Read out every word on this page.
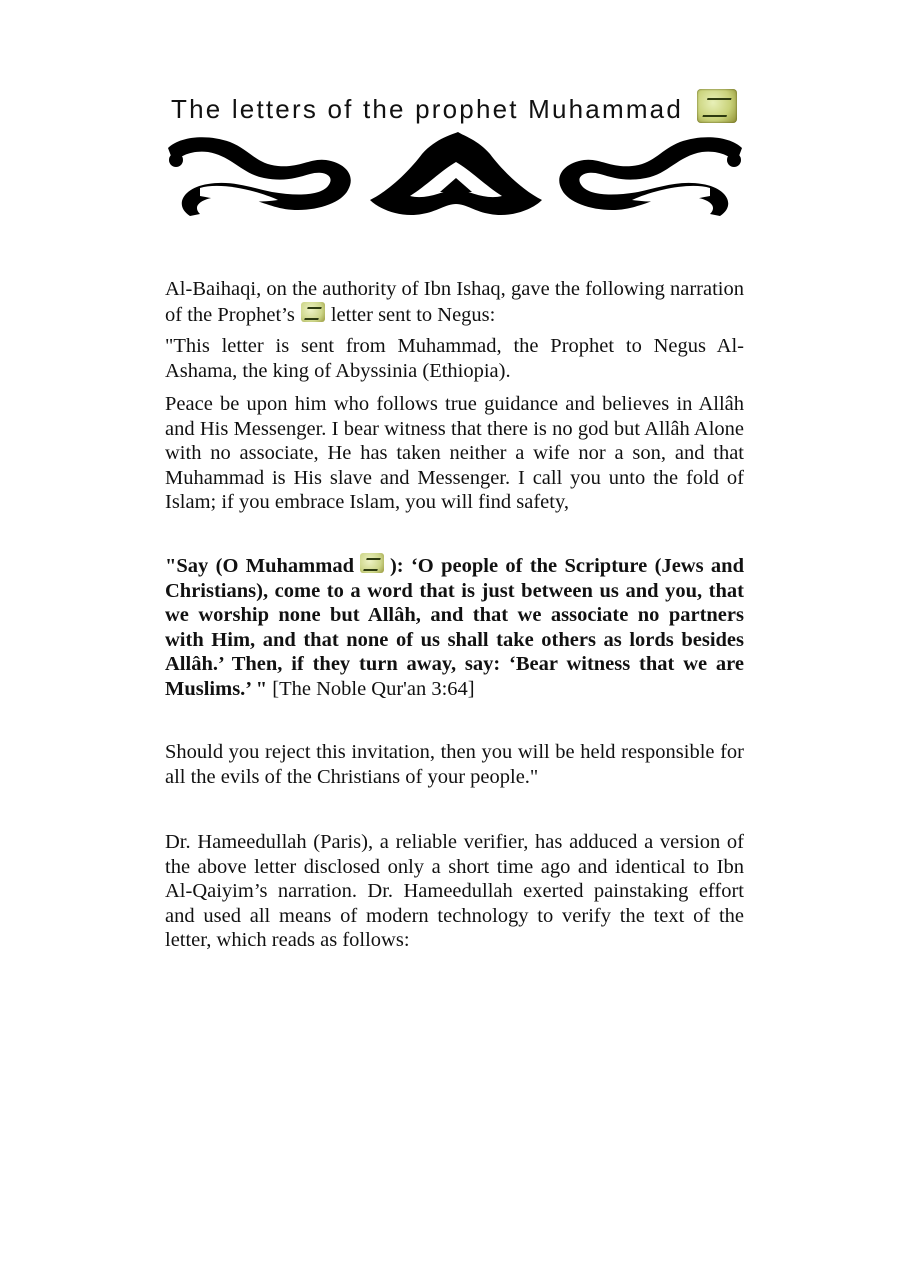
The letters of the prophet Muhammad

Al-Baihaqi, on the authority of Ibn Ishaq, gave the following narration of the Prophet’s letter sent to Negus:

"This letter is sent from Muhammad, the Prophet to Negus Al-Ashama, the king of Abyssinia (Ethiopia).

Peace be upon him who follows true guidance and believes in Allâh and His Messenger. I bear witness that there is no god but Allâh Alone with no associate, He has taken neither a wife nor a son, and that Muhammad is His slave and Messenger. I call you unto the fold of Islam; if you embrace Islam, you will find safety,

"Say (O Muhammad ): ‘O people of the Scripture (Jews and Christians), come to a word that is just between us and you, that we worship none but Allâh, and that we associate no partners with Him, and that none of us shall take others as lords besides Allâh.’ Then, if they turn away, say: ‘Bear witness that we are Muslims.’ " [The Noble Qur'an 3:64]

Should you reject this invitation, then you will be held responsible for all the evils of the Christians of your people."

Dr. Hameedullah (Paris), a reliable verifier, has adduced a version of the above letter disclosed only a short time ago and identical to Ibn Al-Qaiyim’s narration. Dr. Hameedullah exerted painstaking effort and used all means of modern technology to verify the text of the letter, which reads as follows:
